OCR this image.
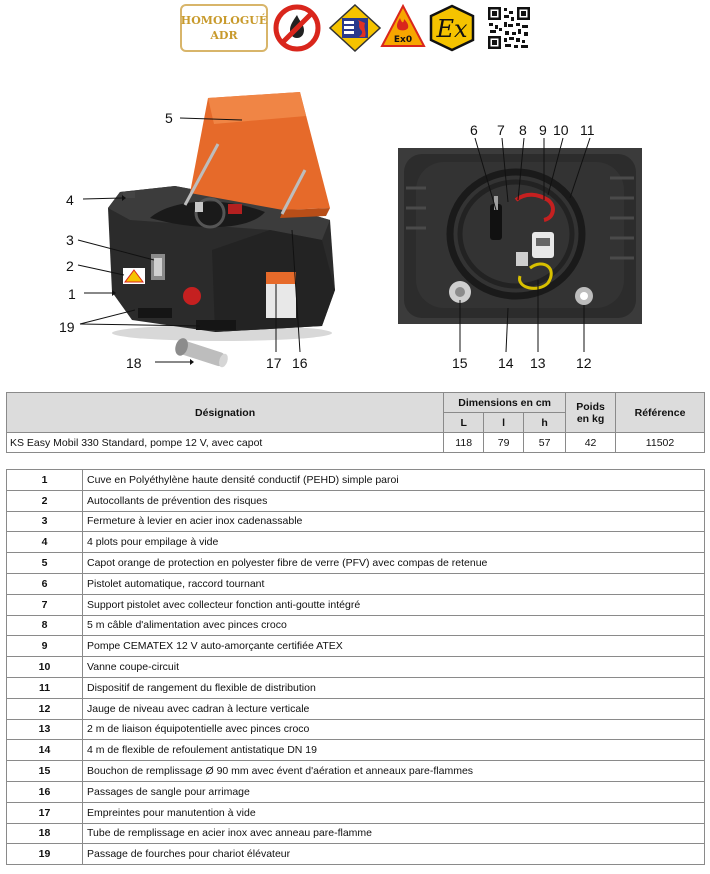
HOMOLOGUÉ
ADR	Ex0 Ex
5
4
3
2
1
19
18	17 16
6 7 8 9 10 11
15 14 13 12
Désignation	Dimensions en cm			Poids en kg	Référence
	L	l	h		
KS Easy Mobil 330 Standard, pompe 12 V, avec capot	118	79	57	42	11502
1	Cuve en Polyéthylène haute densité conductif (PEHD) simple paroi
2	Autocollants de prévention des risques
3	Fermeture à levier en acier inox cadenassable
4	4 plots pour empilage à vide
5	Capot orange de protection en polyester fibre de verre (PFV) avec compas de retenue
6	Pistolet automatique, raccord tournant
7	Support pistolet avec collecteur fonction anti-goutte intégré
8	5 m câble d'alimentation avec pinces croco
9	Pompe CEMATEX 12 V auto-amorçante certifiée ATEX
10	Vanne coupe-circuit
11	Dispositif de rangement du flexible de distribution
12	Jauge de niveau avec cadran à lecture verticale
13	2 m de liaison équipotentielle avec pinces croco
14	4 m de flexible de refoulement antistatique DN 19
15	Bouchon de remplissage Ø 90 mm avec évent d'aération et anneaux pare-flammes
16	Passages de sangle pour arrimage
17	Empreintes pour manutention à vide
18	Tube de remplissage en acier inox avec anneau pare-flamme
19	Passage de fourches pour chariot élévateur
